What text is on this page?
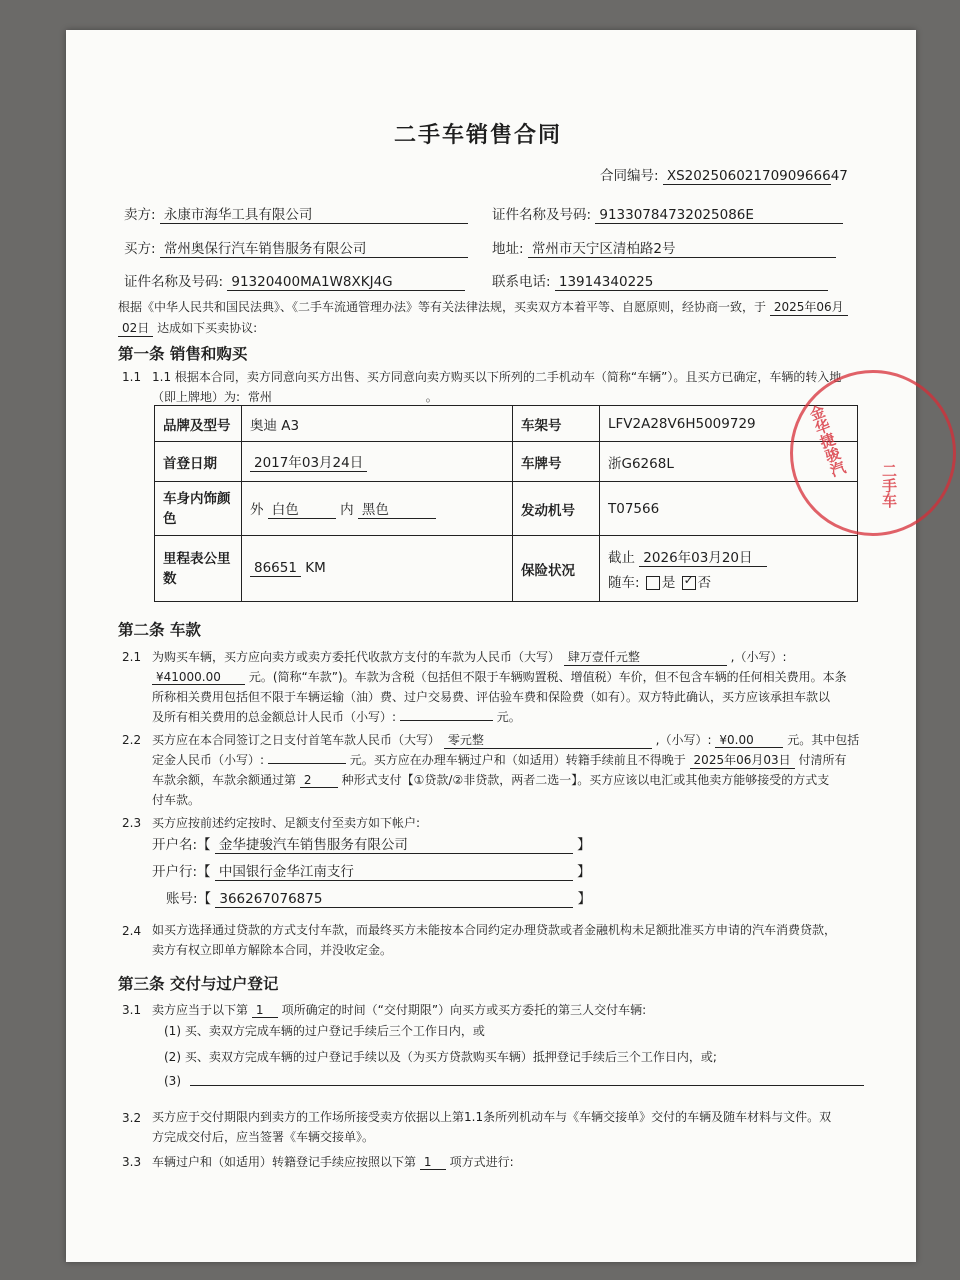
二手车销售合同
合同编号: XS2025060217090966647
卖方: 永康市海华工具有限公司	证件名称及号码: 91330784732025086E
买方: 常州奥保行汽车销售服务有限公司	地址: 常州市天宁区清柏路2号
证件名称及号码: 91320400MA1W8XKJ4G	联系电话: 13914340225
根据《中华人民共和国民法典》、《二手车流通管理办法》等有关法律法规，买卖双方本着平等、自愿原则，经协商一致，于 2025年06月
02日 达成如下买卖协议:
第一条 销售和购买
1.1 1.1 根据本合同，卖方同意向买方出售、买方同意向卖方购买以下所列的二手机动车（简称“车辆”）。且买方已确定，车辆的转入地
（即上牌地）为: 常州	。
品牌及型号	奥迪 A3	车架号	LFV2A28V6H5009729
首登日期	2017年03月24日	车牌号	浙G6268L
车身内饰颜色	外 白色 内 黑色	发动机号	T07566
里程表公里数	86651 KM	保险状况	截止 2026年03月20日
随车: 是 ✓ 否
第二条 车款
2.1 为购买车辆，买方应向卖方或卖方委托代收款方支付的车款为人民币（大写） 肆万壹仟元整	,（小写）:
¥41000.00 元。(简称“车款”)。车款为含税（包括但不限于车辆购置税、增值税）车价，但不包含车辆的任何相关费用。本条
所称相关费用包括但不限于车辆运输（油）费、过户交易费、评估验车费和保险费（如有）。双方特此确认，买方应该承担车款以
及所有相关费用的总金额总计人民币（小写）:	元。
2.2 买方应在本合同签订之日支付首笔车款人民币（大写） 零元整	,（小写）: ¥0.00	元。其中包括
定金人民币（小写）:	元。买方应在办理车辆过户和（如适用）转籍手续前且不得晚于 2025年06月03日 付清所有
车款余额，车款余额通过第 2	种形式支付【①贷款/②非贷款，两者二选一】。买方应该以电汇或其他卖方能够接受的方式支
付车款。
2.3 买方应按前述约定按时、足额支付至卖方如下帐户:
开户名:【 金华捷骏汽车销售服务有限公司	】
开户行:【 中国银行金华江南支行	】
账号:【 366267076875	】
2.4 如买方选择通过贷款的方式支付车款，而最终买方未能按本合同约定办理贷款或者金融机构未足额批准买方申请的汽车消费贷款，
卖方有权立即单方解除本合同，并没收定金。
第三条 交付与过户登记
3.1 卖方应当于以下第 1 项所确定的时间（“交付期限”）向买方或买方委托的第三人交付车辆:
(1) 买、卖双方完成车辆的过户登记手续后三个工作日内，或
(2) 买、卖双方完成车辆的过户登记手续以及（为买方贷款购买车辆）抵押登记手续后三个工作日内，或;
(3)
3.2 买方应于交付期限内到卖方的工作场所接受卖方依据以上第1.1条所列机动车与《车辆交接单》交付的车辆及随车材料与文件。双
方完成交付后，应当签署《车辆交接单》。
3.3 车辆过户和（如适用）转籍登记手续应按照以下第 1 项方式进行:
金华捷骏汽
二手车
